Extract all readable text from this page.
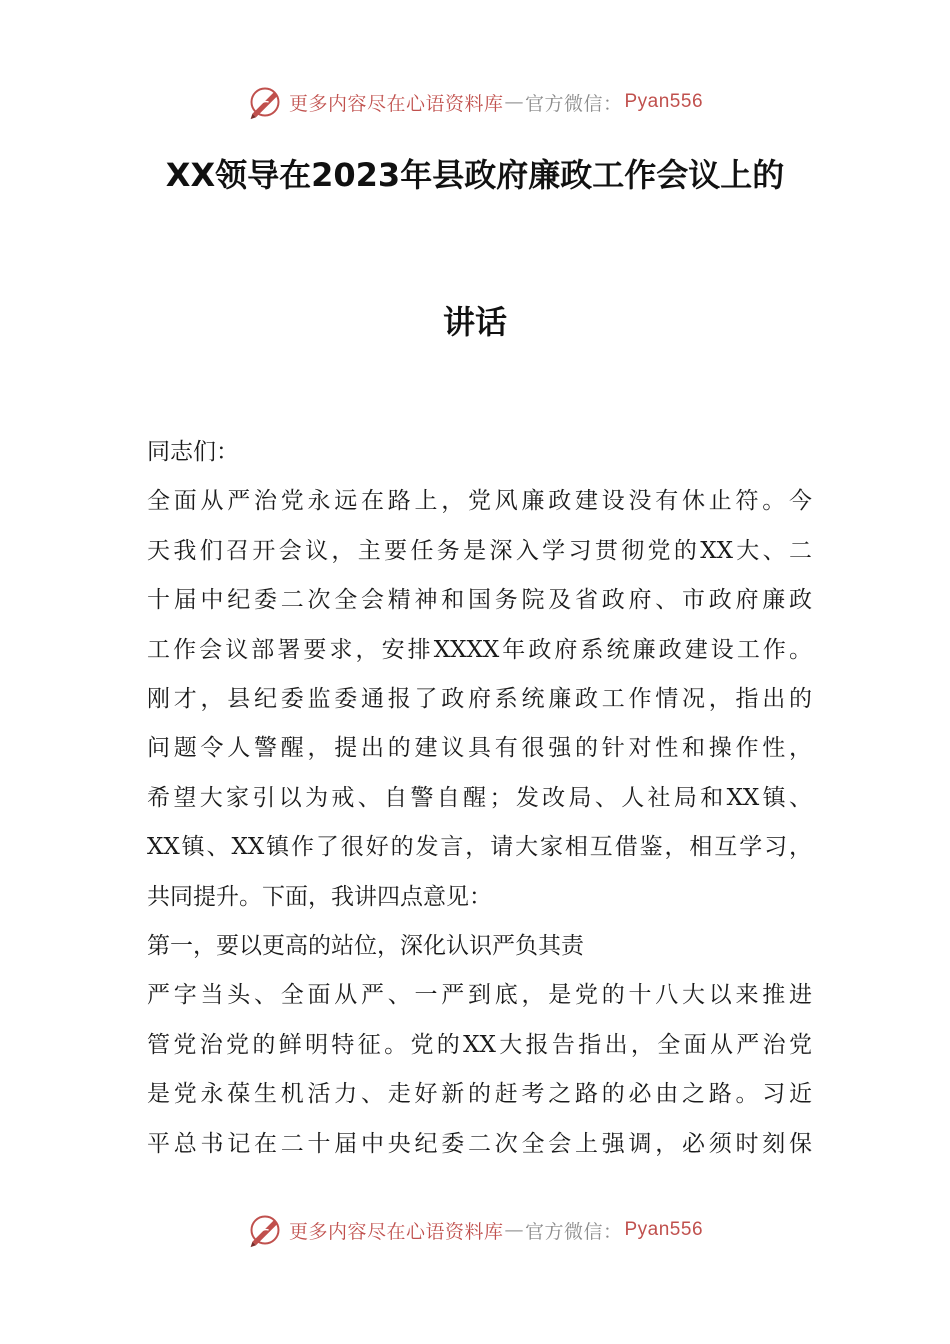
更多内容尽在心语资料库 — 官方微信： Pyan556
XX领导在2023年县政府廉政工作会议上的
讲话

同志们：

全面从严治党永远在路上，党风廉政建设没有休止符。今

天我们召开会议，主要任务是深入学习贯彻党的XX大、二

十届中纪委二次全会精神和国务院及省政府、市政府廉政

工作会议部署要求，安排XXXX年政府系统廉政建设工作。

刚才，县纪委监委通报了政府系统廉政工作情况，指出的

问题令人警醒，提出的建议具有很强的针对性和操作性，

希望大家引以为戒、自警自醒；发改局、人社局和XX镇、

XX镇、XX镇作了很好的发言，请大家相互借鉴，相互学习，

共同提升。下面，我讲四点意见：

第一，要以更高的站位，深化认识严负其责

严字当头、全面从严、一严到底，是党的十八大以来推进

管党治党的鲜明特征。党的XX大报告指出，全面从严治党

是党永葆生机活力、走好新的赶考之路的必由之路。习近

平总书记在二十届中央纪委二次全会上强调，必须时刻保

更多内容尽在心语资料库 — 官方微信： Pyan556
